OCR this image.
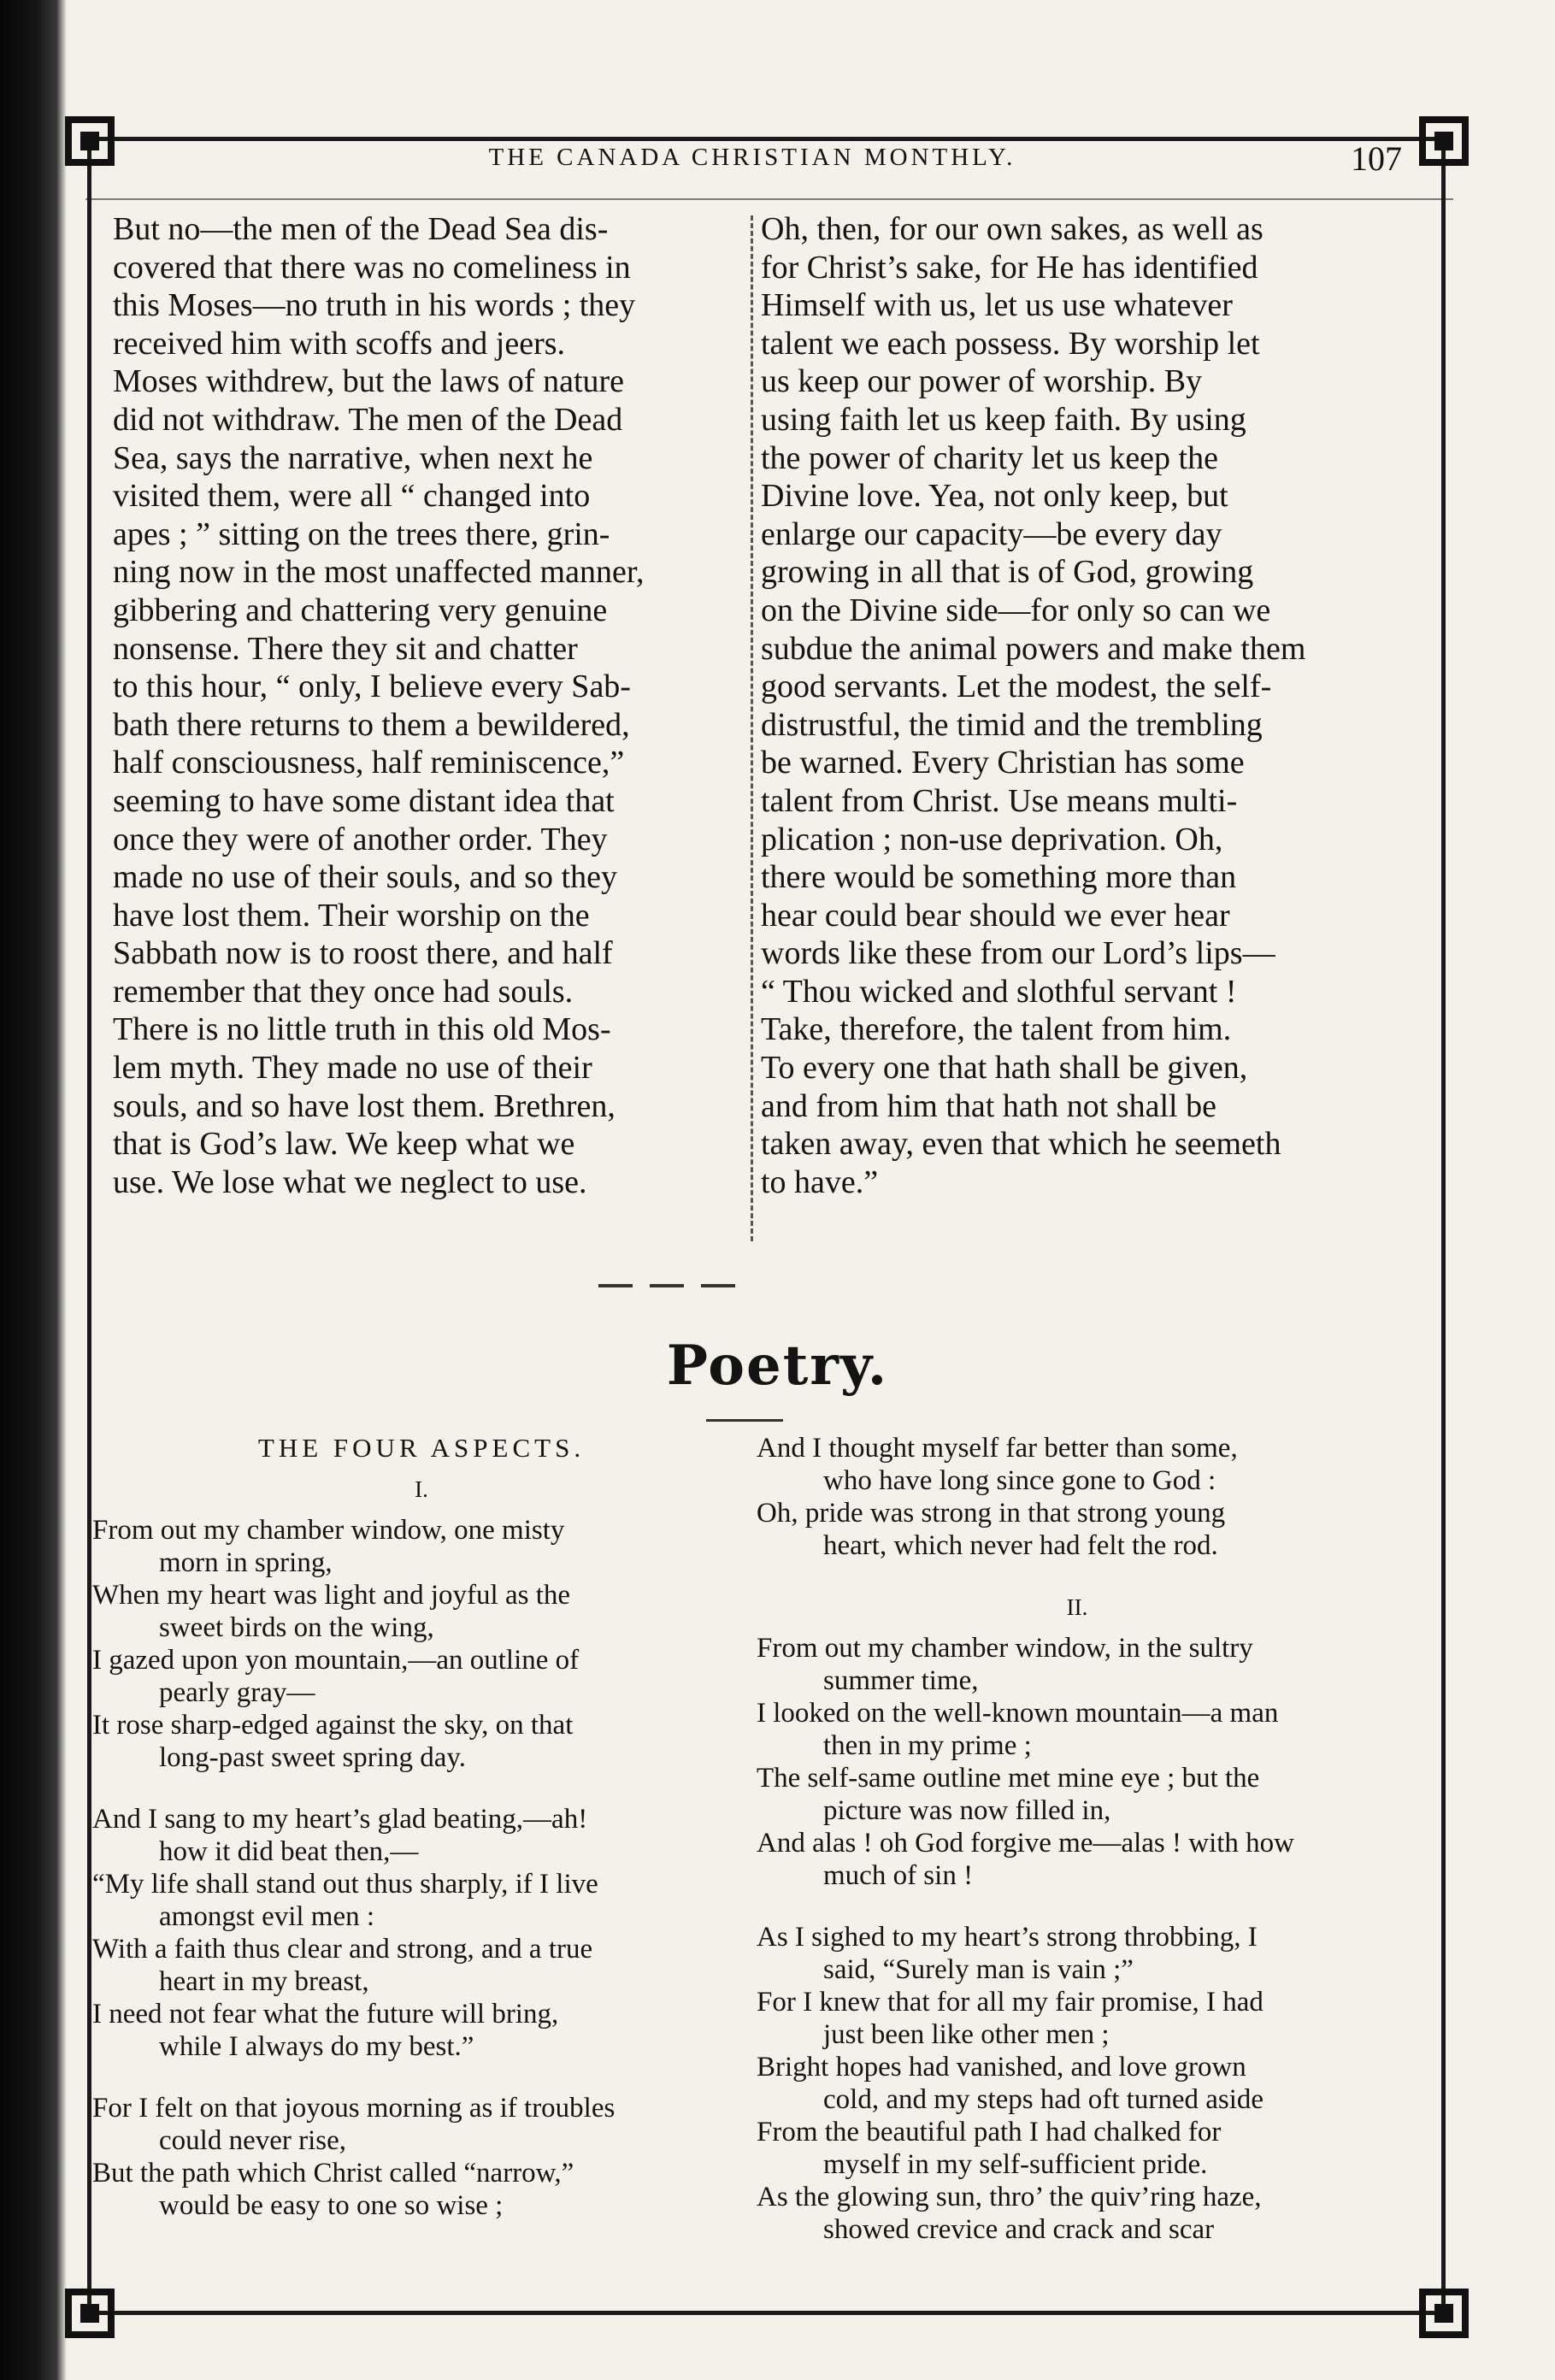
THE CANADA CHRISTIAN MONTHLY.	107
But no—the men of the Dead Sea dis-
covered that there was no comeliness in
this Moses—no truth in his words ; they
received him with scoffs and jeers.
Moses withdrew, but the laws of nature
did not withdraw. The men of the Dead
Sea, says the narrative, when next he
visited them, were all “ changed into
apes ; ” sitting on the trees there, grin-
ning now in the most unaffected manner,
gibbering and chattering very genuine
nonsense. There they sit and chatter
to this hour, “ only, I believe every Sab-
bath there returns to them a bewildered,
half consciousness, half reminiscence,”
seeming to have some distant idea that
once they were of another order. They
made no use of their souls, and so they
have lost them. Their worship on the
Sabbath now is to roost there, and half
remember that they once had souls.
There is no little truth in this old Mos-
lem myth. They made no use of their
souls, and so have lost them. Brethren,
that is God’s law. We keep what we
use. We lose what we neglect to use.
Oh, then, for our own sakes, as well as
for Christ’s sake, for He has identified
Himself with us, let us use whatever
talent we each possess. By worship let
us keep our power of worship. By
using faith let us keep faith. By using
the power of charity let us keep the
Divine love. Yea, not only keep, but
enlarge our capacity—be every day
growing in all that is of God, growing
on the Divine side—for only so can we
subdue the animal powers and make them
good servants. Let the modest, the self-
distrustful, the timid and the trembling
be warned. Every Christian has some
talent from Christ. Use means multi-
plication ; non-use deprivation. Oh,
there would be something more than
hear could bear should we ever hear
words like these from our Lord’s lips—
“ Thou wicked and slothful servant !
Take, therefore, the talent from him.
To every one that hath shall be given,
and from him that hath not shall be
taken away, even that which he seemeth
to have.”
Poetry.
THE FOUR ASPECTS.
I.
From out my chamber window, one misty
morn in spring,
When my heart was light and joyful as the
sweet birds on the wing,
I gazed upon yon mountain,—an outline of
pearly gray—
It rose sharp-edged against the sky, on that
long-past sweet spring day.
And I sang to my heart’s glad beating,—ah!
how it did beat then,—
“My life shall stand out thus sharply, if I live
amongst evil men :
With a faith thus clear and strong, and a true
heart in my breast,
I need not fear what the future will bring,
while I always do my best.”
For I felt on that joyous morning as if troubles
could never rise,
But the path which Christ called “narrow,”
would be easy to one so wise ;
And I thought myself far better than some,
who have long since gone to God :
Oh, pride was strong in that strong young
heart, which never had felt the rod.
II.
From out my chamber window, in the sultry
summer time,
I looked on the well-known mountain—a man
then in my prime ;
The self-same outline met mine eye ; but the
picture was now filled in,
And alas ! oh God forgive me—alas ! with how
much of sin !
As I sighed to my heart’s strong throbbing, I
said, “Surely man is vain ;”
For I knew that for all my fair promise, I had
just been like other men ;
Bright hopes had vanished, and love grown
cold, and my steps had oft turned aside
From the beautiful path I had chalked for
myself in my self-sufficient pride.
As the glowing sun, thro’ the quiv’ring haze,
showed crevice and crack and scar
